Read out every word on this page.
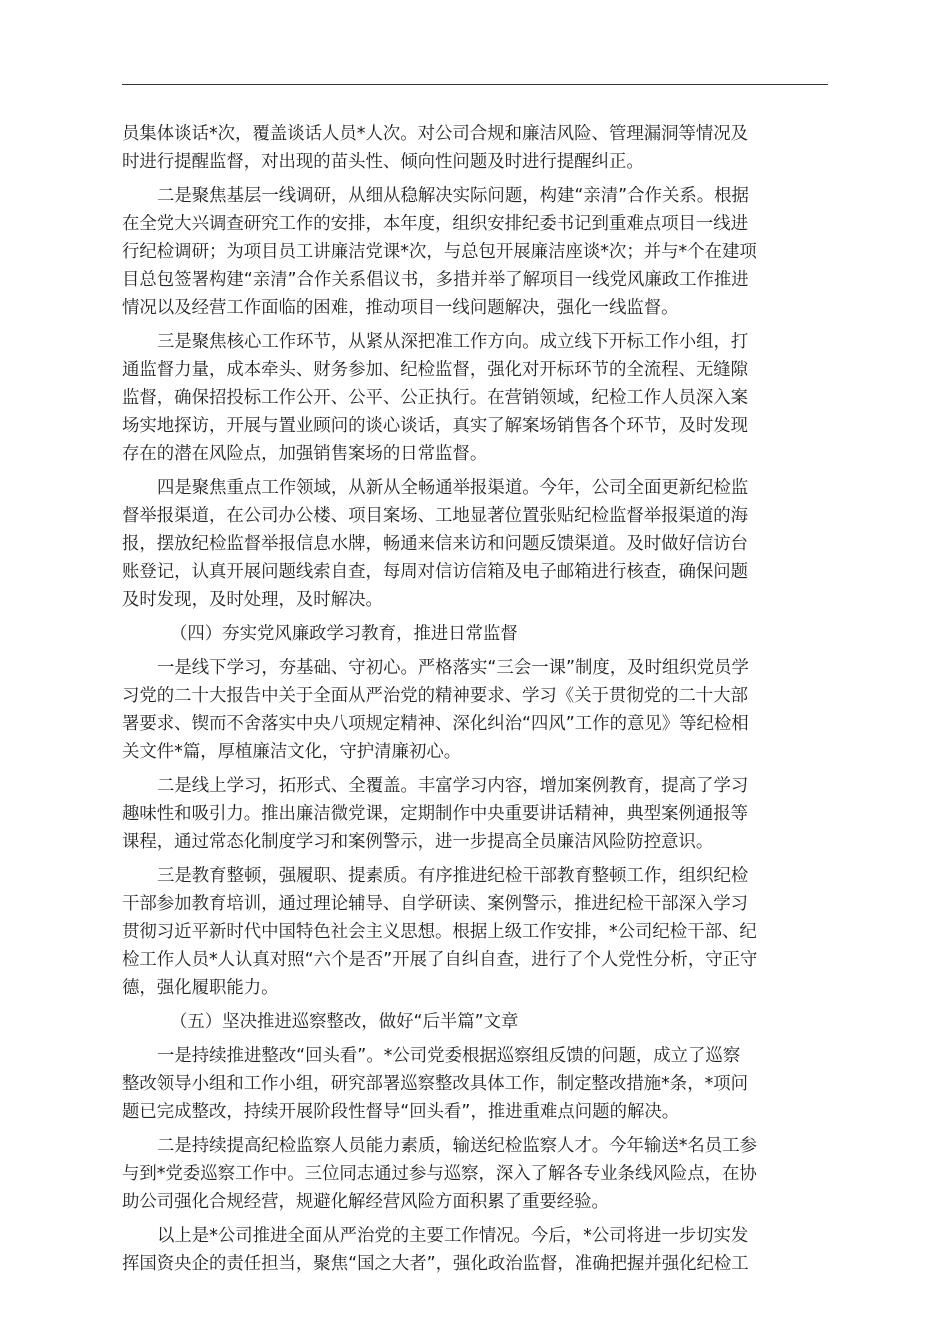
员集体谈话*次，覆盖谈话人员*人次。对公司合规和廉洁风险、管理漏洞等情况及
时进行提醒监督，对出现的苗头性、倾向性问题及时进行提醒纠正。

二是聚焦基层一线调研，从细从稳解决实际问题，构建“亲清”合作关系。根据
在全党大兴调查研究工作的安排，本年度，组织安排纪委书记到重难点项目一线进
行纪检调研；为项目员工讲廉洁党课*次，与总包开展廉洁座谈*次；并与*个在建项
目总包签署构建“亲清”合作关系倡议书，多措并举了解项目一线党风廉政工作推进
情况以及经营工作面临的困难，推动项目一线问题解决，强化一线监督。

三是聚焦核心工作环节，从紧从深把准工作方向。成立线下开标工作小组，打
通监督力量，成本牵头、财务参加、纪检监督，强化对开标环节的全流程、无缝隙
监督，确保招投标工作公开、公平、公正执行。在营销领域，纪检工作人员深入案
场实地探访，开展与置业顾问的谈心谈话，真实了解案场销售各个环节，及时发现
存在的潜在风险点，加强销售案场的日常监督。

四是聚焦重点工作领域，从新从全畅通举报渠道。今年，公司全面更新纪检监
督举报渠道，在公司办公楼、项目案场、工地显著位置张贴纪检监督举报渠道的海
报，摆放纪检监督举报信息水牌，畅通来信来访和问题反馈渠道。及时做好信访台
账登记，认真开展问题线索自查，每周对信访信箱及电子邮箱进行核查，确保问题
及时发现，及时处理，及时解决。

（四）夯实党风廉政学习教育，推进日常监督

一是线下学习，夯基础、守初心。严格落实“三会一课”制度，及时组织党员学
习党的二十大报告中关于全面从严治党的精神要求、学习《关于贯彻党的二十大部
署要求、锲而不舍落实中央八项规定精神、深化纠治“四风”工作的意见》等纪检相
关文件*篇，厚植廉洁文化，守护清廉初心。

二是线上学习，拓形式、全覆盖。丰富学习内容，增加案例教育，提高了学习
趣味性和吸引力。推出廉洁微党课，定期制作中央重要讲话精神，典型案例通报等
课程，通过常态化制度学习和案例警示，进一步提高全员廉洁风险防控意识。

三是教育整顿，强履职、提素质。有序推进纪检干部教育整顿工作，组织纪检
干部参加教育培训，通过理论辅导、自学研读、案例警示，推进纪检干部深入学习
贯彻习近平新时代中国特色社会主义思想。根据上级工作安排，*公司纪检干部、纪
检工作人员*人认真对照“六个是否”开展了自纠自查，进行了个人党性分析，守正守
德，强化履职能力。

（五）坚决推进巡察整改，做好“后半篇”文章

一是持续推进整改“回头看”。*公司党委根据巡察组反馈的问题，成立了巡察
整改领导小组和工作小组，研究部署巡察整改具体工作，制定整改措施*条，*项问
题已完成整改，持续开展阶段性督导“回头看”，推进重难点问题的解决。

二是持续提高纪检监察人员能力素质，输送纪检监察人才。今年输送*名员工参
与到*党委巡察工作中。三位同志通过参与巡察，深入了解各专业条线风险点，在协
助公司强化合规经营，规避化解经营风险方面积累了重要经验。

以上是*公司推进全面从严治党的主要工作情况。今后，*公司将进一步切实发
挥国资央企的责任担当，聚焦“国之大者”，强化政治监督，准确把握并强化纪检工
